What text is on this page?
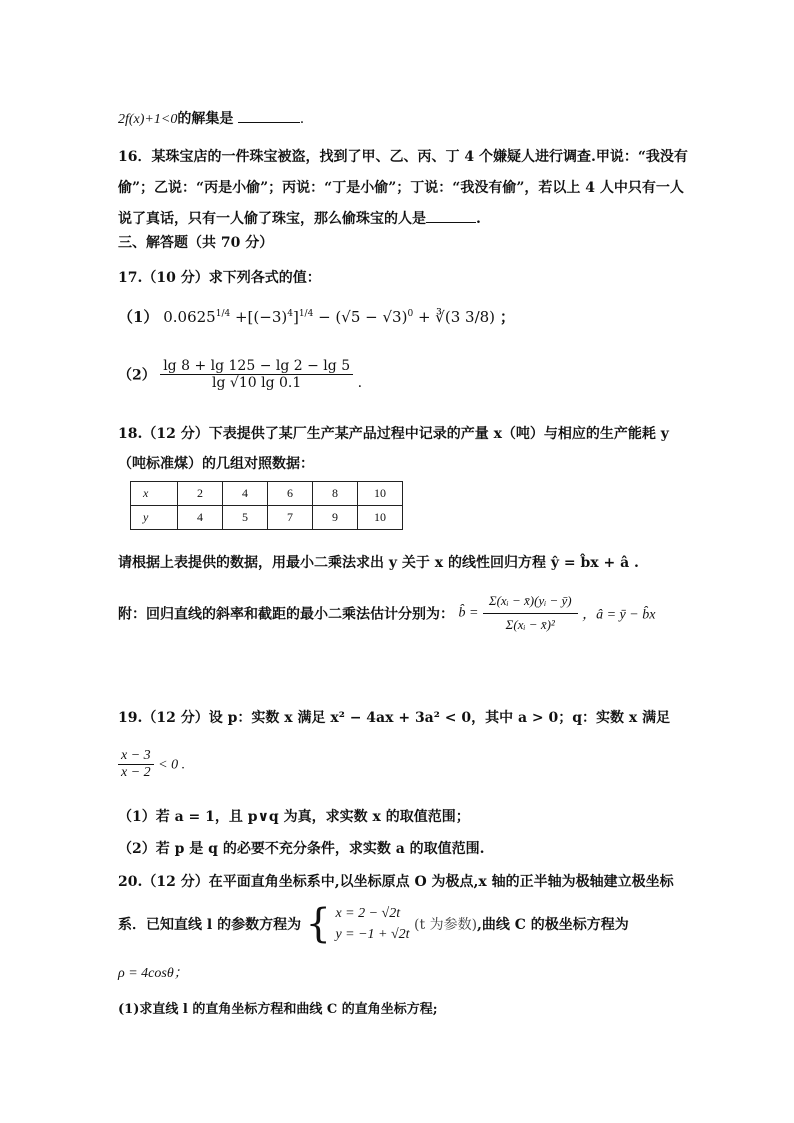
2f(x)+1<0的解集是	.
16．某珠宝店的一件珠宝被盗，找到了甲、乙、丙、丁 4 个嫌疑人进行调查.甲说：“我没有
偷”；乙说：“丙是小偷”；丙说：“丁是小偷”；丁说：“我没有偷”，若以上 4 人中只有一人
说了真话，只有一人偷了珠宝，那么偷珠宝的人是	.
三、解答题（共 70 分）
17.（10 分）求下列各式的值：
（1） $0.0625^{1/4} +[(-3)^4]^{1/4} - (√5 - √3)^0$ + ∛(3 3/8) ；
$(2) \frac{\lg 8 + \lg 125 - \lg 2 - \lg 5}{\lg √10 \lg 0.1}$ .
18.（12 分）下表提供了某厂生产某产品过程中记录的产量 x（吨）与相应的生产能耗 y
（吨标准煤）的几组对照数据：
x	2	4	6	8	10
y	4	5	7	9	10
请根据上表提供的数据，用最小二乘法求出 y 关于 x 的线性回归方程 ŷ = b̂x + â .
附：回归直线的斜率和截距的最小二乘法估计分别为： b̂ = $\frac{\text{Σ(xᵢ − x̄)(yᵢ − ȳ)}}{\text{Σ(xᵢ − x̄)²}}$ ，â = ȳ − b̂x
19.（12 分）设 p：实数 x 满足 x² − 4ax + 3a² < 0，其中 a > 0；q：实数 x 满足
$\frac{x - 3}{x - 2} < 0$ .
（1）若 a = 1，且 p∨q 为真，求实数 x 的取值范围；
（2）若 p 是 q 的必要不充分条件，求实数 a 的取值范围.
20.（12 分）在平面直角坐标系中,以坐标原点 O 为极点,x 轴的正半轴为极轴建立极坐标
系．已知直线 l 的参数方程为 { x = 2 − √2t
y = −1 + √2t
(t 为参数),曲线 C 的极坐标方程为
ρ = 4cosθ；
(1)求直线 l 的直角坐标方程和曲线 C 的直角坐标方程;
